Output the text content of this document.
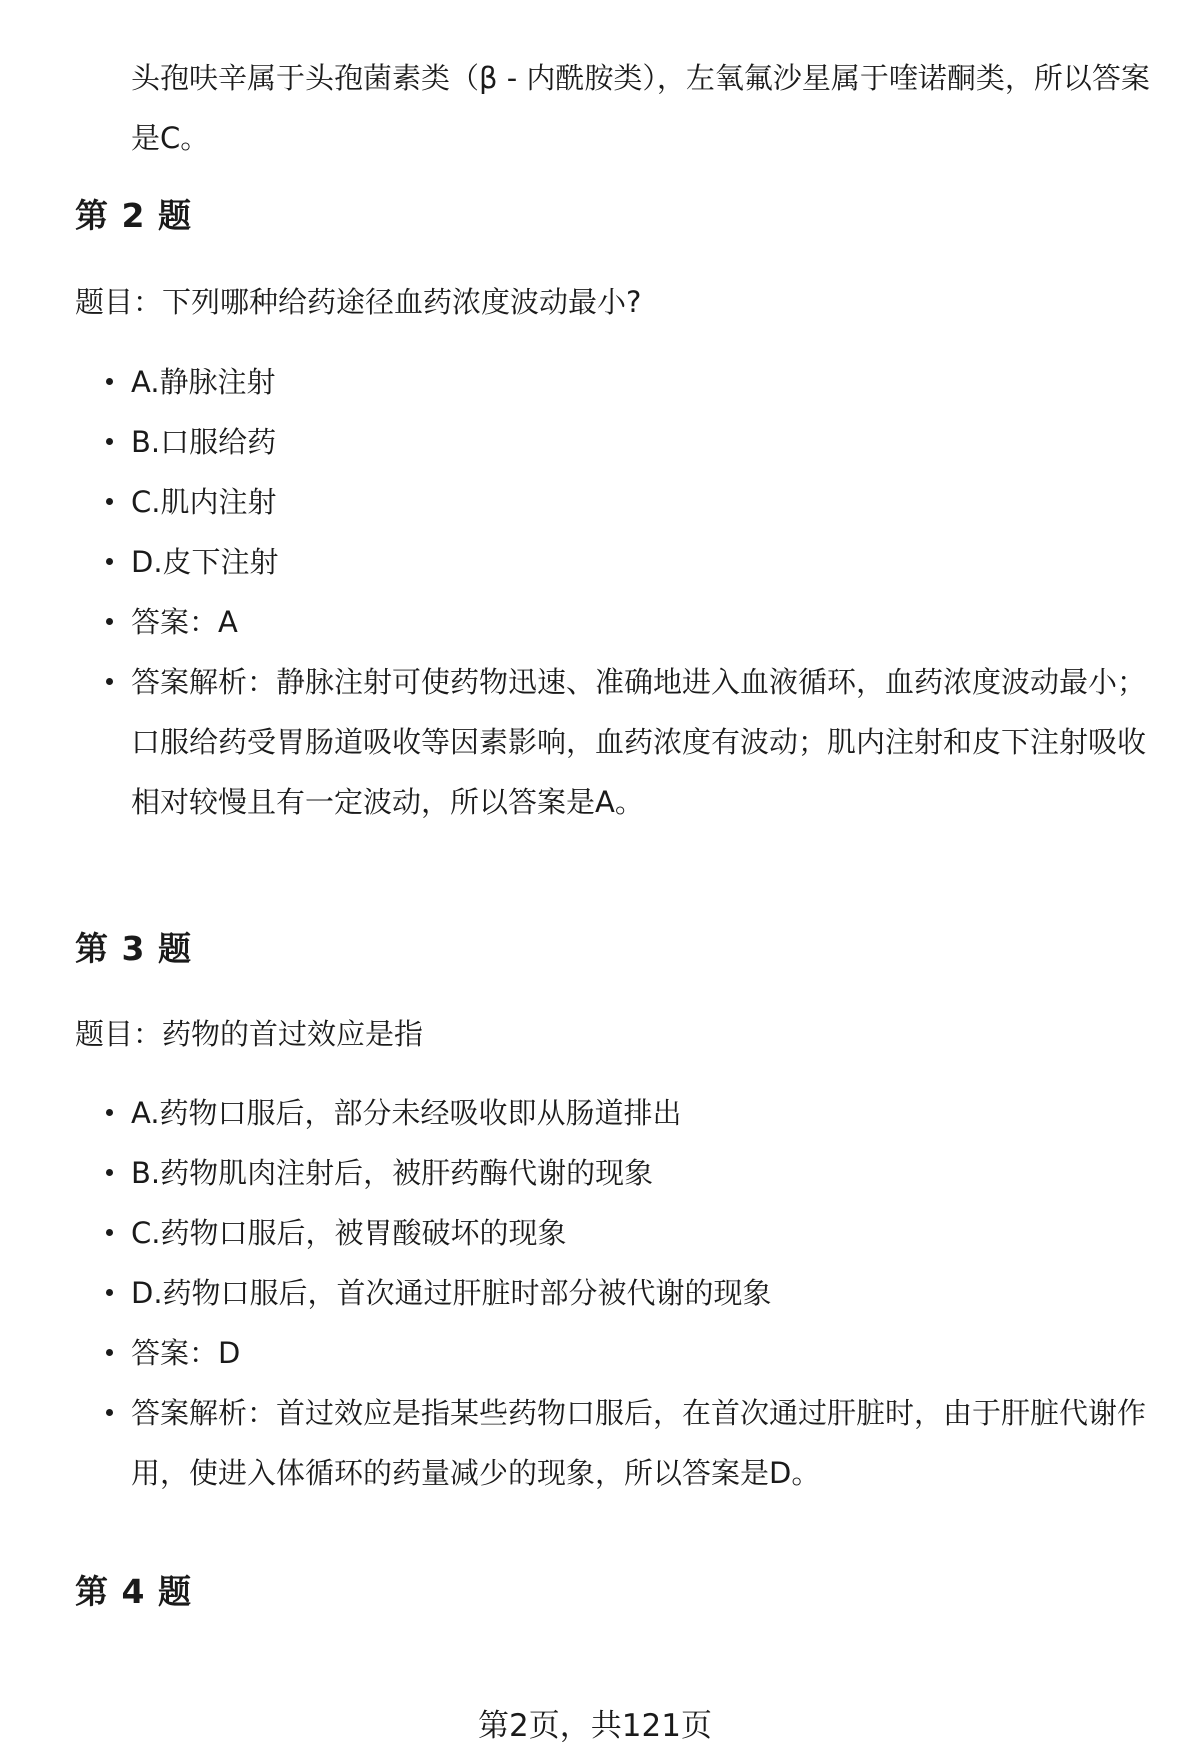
头孢呋辛属于头孢菌素类（β - 内酰胺类），左氧氟沙星属于喹诺酮类，所以答案是C。

第 2 题

题目：下列哪种给药途径血药浓度波动最小?

A.静脉注射
B.口服给药
C.肌内注射
D.皮下注射
答案：A
答案解析：静脉注射可使药物迅速、准确地进入血液循环，血药浓度波动最小；口服给药受胃肠道吸收等因素影响，血药浓度有波动；肌内注射和皮下注射吸收相对较慢且有一定波动，所以答案是A。
第 3 题

题目：药物的首过效应是指

A.药物口服后，部分未经吸收即从肠道排出
B.药物肌肉注射后，被肝药酶代谢的现象
C.药物口服后，被胃酸破坏的现象
D.药物口服后，首次通过肝脏时部分被代谢的现象
答案：D
答案解析：首过效应是指某些药物口服后，在首次通过肝脏时，由于肝脏代谢作用，使进入体循环的药量减少的现象，所以答案是D。
第 4 题

第2页，共121页
